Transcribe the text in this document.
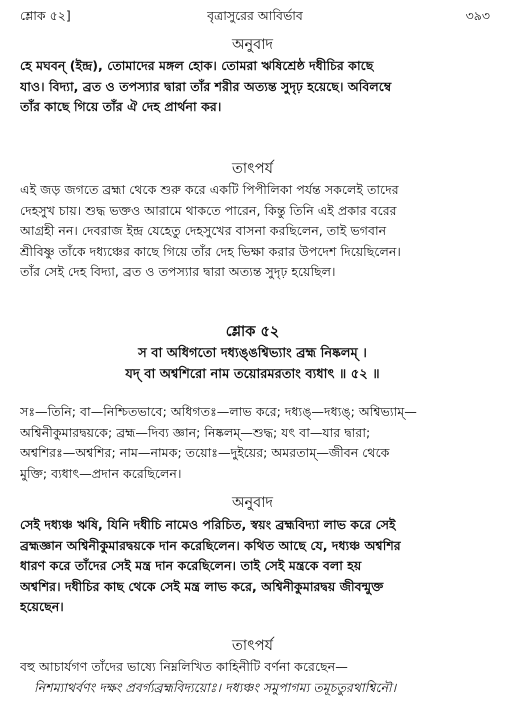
শ্লোক ৫২]	বৃত্রাসুরের আবির্ভাব	৩৯৩
অনুবাদ

হে মঘবন্ (ইন্দ্র), তোমাদের মঙ্গল হোক। তোমরা ঋষিশ্রেষ্ঠ দধীচির কাছে

যাও। বিদ্যা, ব্রত ও তপস্যার দ্বারা তাঁর শরীর অত্যন্ত সুদৃঢ় হয়েছে। অবিলম্বে

তাঁর কাছে গিয়ে তাঁর ঐ দেহ প্রার্থনা কর।

তাৎপর্য

এই জড় জগতে ব্রহ্মা থেকে শুরু করে একটি পিপীলিকা পর্যন্ত সকলেই তাদের

দেহসুখ চায়। শুদ্ধ ভক্তও আরামে থাকতে পারেন, কিন্তু তিনি এই প্রকার বরের

আগ্রহী নন। দেবরাজ ইন্দ্র যেহেতু দেহসুখের বাসনা করছিলেন, তাই ভগবান

শ্রীবিষ্ণু তাঁকে দধ্যঞ্চের কাছে গিয়ে তাঁর দেহ ভিক্ষা করার উপদেশ দিয়েছিলেন।

তাঁর সেই দেহ বিদ্যা, ব্রত ও তপস্যার দ্বারা অত্যন্ত সুদৃঢ় হয়েছিল।

শ্লোক ৫২

স বা অধিগতো দধ্যঙ্ঙশ্বিভ্যাং ব্রহ্ম নিষ্কলম্ ।

যদ্ বা অশ্বশিরো নাম তয়োরমরতাং ব্যধাৎ ॥ ৫২ ॥

সঃ—তিনি; বা—নিশ্চিতভাবে; অধিগতঃ—লাভ করে; দধ্যঙ্—দধ্যঙ্; অশ্বিভ্যাম্—

অশ্বিনীকুমারদ্বয়কে; ব্রহ্ম—দিব্য জ্ঞান; নিষ্কলম্—শুদ্ধ; যৎ বা—যার দ্বারা;

অশ্বশিরঃ—অশ্বশির; নাম—নামক; তয়োঃ—দুইয়ের; অমরতাম্—জীবন থেকে

মুক্তি; ব্যধাৎ—প্রদান করেছিলেন।

অনুবাদ

সেই দধ্যঞ্চ ঋষি, যিনি দধীচি নামেও পরিচিত, স্বয়ং ব্রহ্মবিদ্যা লাভ করে সেই

ব্রহ্মজ্ঞান অশ্বিনীকুমারদ্বয়কে দান করেছিলেন। কথিত আছে যে, দধ্যঞ্চ অশ্বশির

ধারণ করে তাঁদের সেই মন্ত্র দান করেছিলেন। তাই সেই মন্ত্রকে বলা হয়

অশ্বশির। দধীচির কাছ থেকে সেই মন্ত্র লাভ করে, অশ্বিনীকুমারদ্বয় জীবন্মুক্ত

হয়েছেন।

তাৎপর্য

বহু আচার্যগণ তাঁদের ভাষ্যে নিম্নলিখিত কাহিনীটি বর্ণনা করেছেন—

নিশম্যাথর্বণং দক্ষং প্রবর্গ্যব্রহ্মবিদ্যয়োঃ। দধ্যঞ্চং সমুপাগম্য তমূচতুরথাশ্বিনৌ।
